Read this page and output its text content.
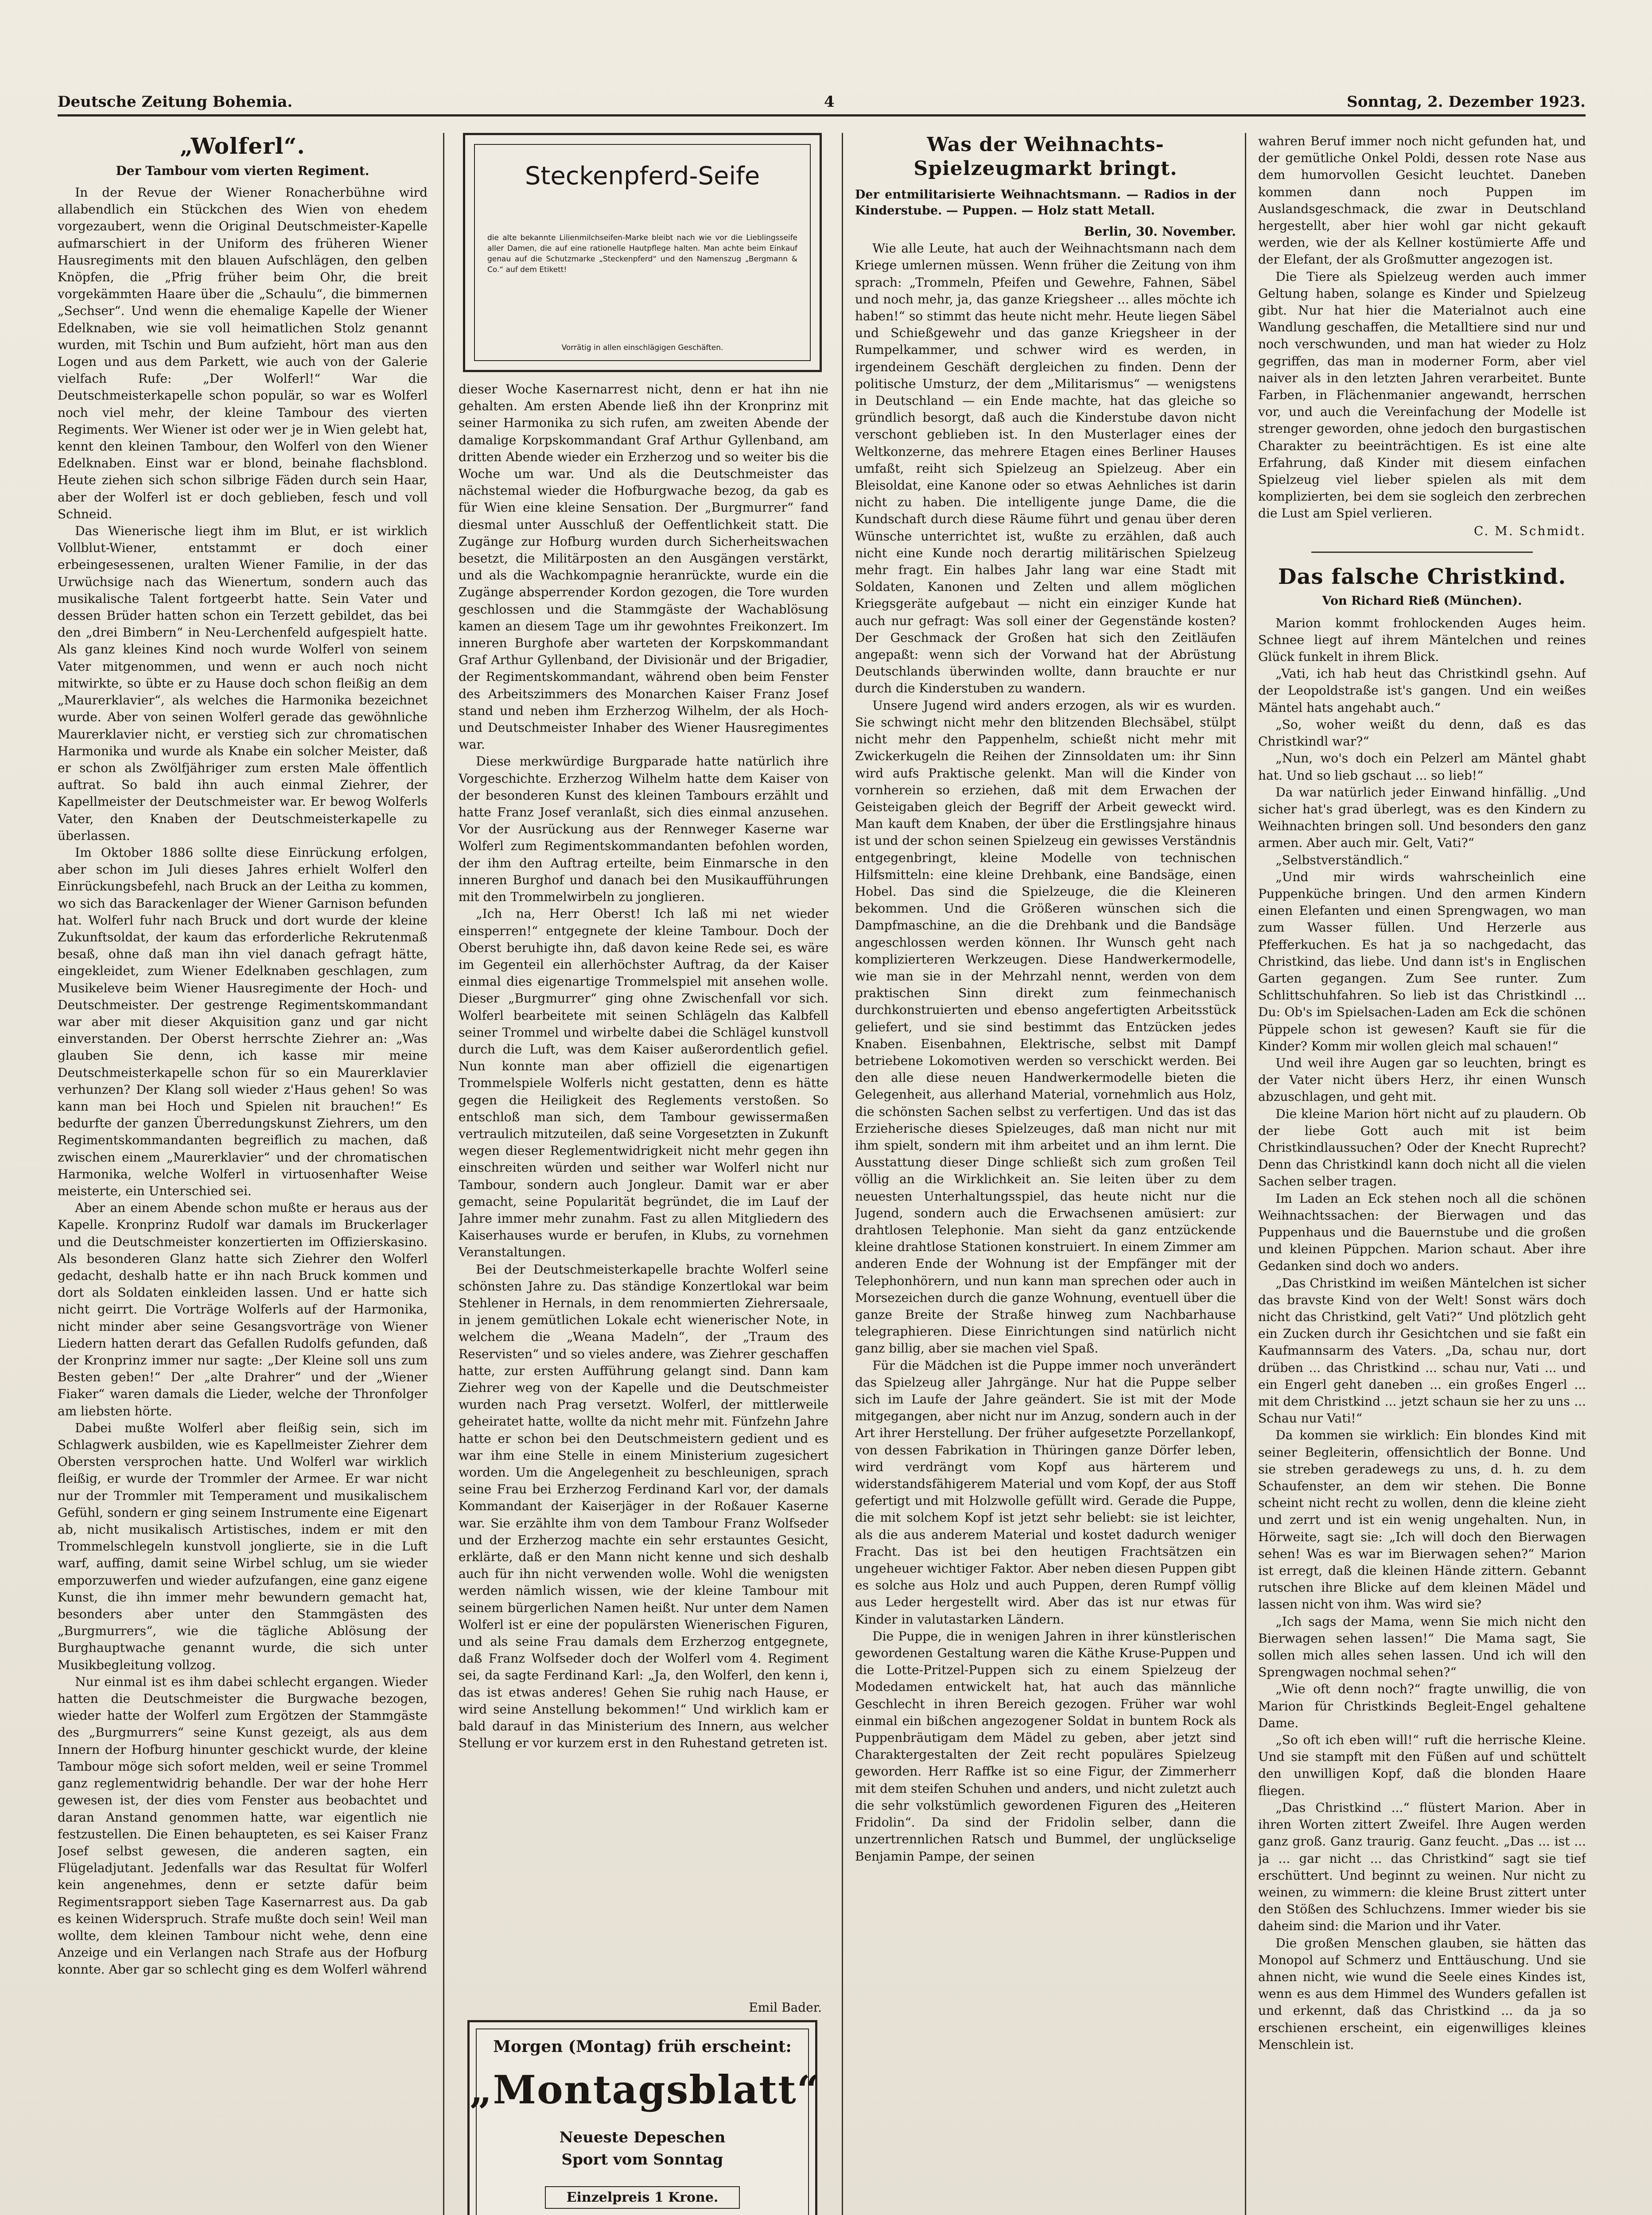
Deutsche Zeitung Bohemia.	4	Sonntag, 2. Dezember 1923.
„Wolferl“.
Der Tambour vom vierten Regiment.

In der Revue der Wiener Ronacherbühne wird allabendlich ein Stückchen des Wien von ehedem vorgezaubert, wenn die Original Deutschmeister-Kapelle aufmarschiert in der Uniform des früheren Wiener Hausregiments mit den blauen Aufschlägen, den gelben Knöpfen, die „Pfrig früher beim Ohr, die breit vorgekämmten Haare über die „Schaulu“, die bimmernen „Sechser“. Und wenn die ehemalige Kapelle der Wiener Edelknaben, wie sie voll heimatlichen Stolz genannt wurden, mit Tschin und Bum aufzieht, hört man aus den Logen und aus dem Parkett, wie auch von der Galerie vielfach Rufe: „Der Wolferl!“ War die Deutschmeisterkapelle schon populär, so war es Wolferl noch viel mehr, der kleine Tambour des vierten Regiments. Wer Wiener ist oder wer je in Wien gelebt hat, kennt den kleinen Tambour, den Wolferl von den Wiener Edelknaben. Einst war er blond, beinahe flachsblond. Heute ziehen sich schon silbrige Fäden durch sein Haar, aber der Wolferl ist er doch geblieben, fesch und voll Schneid.

Das Wienerische liegt ihm im Blut, er ist wirklich Vollblut-Wiener, entstammt er doch einer erbeingesessenen, uralten Wiener Familie, in der das Urwüchsige nach das Wienertum, sondern auch das musikalische Talent fortgeerbt hatte. Sein Vater und dessen Brüder hatten schon ein Terzett gebildet, das bei den „drei Bimbern“ in Neu-Lerchenfeld aufgespielt hatte. Als ganz kleines Kind noch wurde Wolferl von seinem Vater mitgenommen, und wenn er auch noch nicht mitwirkte, so übte er zu Hause doch schon fleißig an dem „Maurerklavier“, als welches die Harmonika bezeichnet wurde. Aber von seinen Wolferl gerade das gewöhnliche Maurerklavier nicht, er verstieg sich zur chromatischen Harmonika und wurde als Knabe ein solcher Meister, daß er schon als Zwölfjähriger zum ersten Male öffentlich auftrat. So bald ihn auch einmal Ziehrer, der Kapellmeister der Deutschmeister war. Er bewog Wolferls Vater, den Knaben der Deutschmeisterkapelle zu überlassen.

Im Oktober 1886 sollte diese Einrückung erfolgen, aber schon im Juli dieses Jahres erhielt Wolferl den Einrückungsbefehl, nach Bruck an der Leitha zu kommen, wo sich das Barackenlager der Wiener Garnison befunden hat. Wolferl fuhr nach Bruck und dort wurde der kleine Zukunftsoldat, der kaum das erforderliche Rekrutenmaß besaß, ohne daß man ihn viel danach gefragt hätte, eingekleidet, zum Wiener Edelknaben geschlagen, zum Musikeleve beim Wiener Hausregimente der Hoch- und Deutschmeister. Der gestrenge Regimentskommandant war aber mit dieser Akquisition ganz und gar nicht einverstanden. Der Oberst herrschte Ziehrer an: „Was glauben Sie denn, ich kasse mir meine Deutschmeisterkapelle schon für so ein Maurerklavier verhunzen? Der Klang soll wieder z'Haus gehen! So was kann man bei Hoch und Spielen nit brauchen!“ Es bedurfte der ganzen Überredungskunst Ziehrers, um den Regimentskommandanten begreiflich zu machen, daß zwischen einem „Maurerklavier“ und der chromatischen Harmonika, welche Wolferl in virtuosenhafter Weise meisterte, ein Unterschied sei.

Aber an einem Abende schon mußte er heraus aus der Kapelle. Kronprinz Rudolf war damals im Bruckerlager und die Deutschmeister konzertierten im Offizierskasino. Als besonderen Glanz hatte sich Ziehrer den Wolferl gedacht, deshalb hatte er ihn nach Bruck kommen und dort als Soldaten einkleiden lassen. Und er hatte sich nicht geirrt. Die Vorträge Wolferls auf der Harmonika, nicht minder aber seine Gesangsvorträge von Wiener Liedern hatten derart das Gefallen Rudolfs gefunden, daß der Kronprinz immer nur sagte: „Der Kleine soll uns zum Besten geben!“ Der „alte Drahrer“ und der „Wiener Fiaker“ waren damals die Lieder, welche der Thronfolger am liebsten hörte.

Dabei mußte Wolferl aber fleißig sein, sich im Schlagwerk ausbilden, wie es Kapellmeister Ziehrer dem Obersten versprochen hatte. Und Wolferl war wirklich fleißig, er wurde der Trommler der Armee. Er war nicht nur der Trommler mit Temperament und musikalischem Gefühl, sondern er ging seinem Instrumente eine Eigenart ab, nicht musikalisch Artistisches, indem er mit den Trommelschlegeln kunstvoll jonglierte, sie in die Luft warf, auffing, damit seine Wirbel schlug, um sie wieder emporzuwerfen und wieder aufzufangen, eine ganz eigene Kunst, die ihn immer mehr bewundern gemacht hat, besonders aber unter den Stammgästen des „Burgmurrers“, wie die tägliche Ablösung der Burghauptwache genannt wurde, die sich unter Musikbegleitung vollzog.

Nur einmal ist es ihm dabei schlecht ergangen. Wieder hatten die Deutschmeister die Burgwache bezogen, wieder hatte der Wolferl zum Ergötzen der Stammgäste des „Burgmurrers“ seine Kunst gezeigt, als aus dem Innern der Hofburg hinunter geschickt wurde, der kleine Tambour möge sich sofort melden, weil er seine Trommel ganz reglementwidrig behandle. Der war der hohe Herr gewesen ist, der dies vom Fenster aus beobachtet und daran Anstand genommen hatte, war eigentlich nie festzustellen. Die Einen behaupteten, es sei Kaiser Franz Josef selbst gewesen, die anderen sagten, ein Flügeladjutant. Jedenfalls war das Resultat für Wolferl kein angenehmes, denn er setzte dafür beim Regimentsrapport sieben Tage Kasernarrest aus. Da gab es keinen Widerspruch. Strafe mußte doch sein! Weil man wollte, dem kleinen Tambour nicht wehe, denn eine Anzeige und ein Verlangen nach Strafe aus der Hofburg konnte. Aber gar so schlecht ging es dem Wolferl während

Steckenpferd-Seife
die alte bekannte Lilienmilchseifen-Marke bleibt nach wie vor die Lieblingsseife aller Damen, die auf eine rationelle Hautpflege halten. Man achte beim Einkauf genau auf die Schutzmarke „Steckenpferd“ und den Namenszug „Bergmann & Co.“ auf dem Etikett!
Vorrätig in allen einschlägigen Geschäften.

dieser Woche Kasernarrest nicht, denn er hat ihn nie gehalten. Am ersten Abende ließ ihn der Kronprinz mit seiner Harmonika zu sich rufen, am zweiten Abende der damalige Korpskommandant Graf Arthur Gyllenband, am dritten Abende wieder ein Erzherzog und so weiter bis die Woche um war. Und als die Deutschmeister das nächstemal wieder die Hofburgwache bezog, da gab es für Wien eine kleine Sensation. Der „Burgmurrer“ fand diesmal unter Ausschluß der Oeffentlichkeit statt. Die Zugänge zur Hofburg wurden durch Sicherheitswachen besetzt, die Militärposten an den Ausgängen verstärkt, und als die Wachkompagnie heranrückte, wurde ein die Zugänge absperrender Kordon gezogen, die Tore wurden geschlossen und die Stammgäste der Wachablösung kamen an diesem Tage um ihr gewohntes Freikonzert. Im inneren Burghofe aber warteten der Korpskommandant Graf Arthur Gyllenband, der Divisionär und der Brigadier, der Regimentskommandant, während oben beim Fenster des Arbeitszimmers des Monarchen Kaiser Franz Josef stand und neben ihm Erzherzog Wilhelm, der als Hoch- und Deutschmeister Inhaber des Wiener Hausregimentes war.

Diese merkwürdige Burgparade hatte natürlich ihre Vorgeschichte. Erzherzog Wilhelm hatte dem Kaiser von der besonderen Kunst des kleinen Tambours erzählt und hatte Franz Josef veranlaßt, sich dies einmal anzusehen. Vor der Ausrückung aus der Rennweger Kaserne war Wolferl zum Regimentskommandanten befohlen worden, der ihm den Auftrag erteilte, beim Einmarsche in den inneren Burghof und danach bei den Musikaufführungen mit den Trommelwirbeln zu jonglieren.

„Ich na, Herr Oberst! Ich laß mi net wieder einsperren!“ entgegnete der kleine Tambour. Doch der Oberst beruhigte ihn, daß davon keine Rede sei, es wäre im Gegenteil ein allerhöchster Auftrag, da der Kaiser einmal dies eigenartige Trommelspiel mit ansehen wolle. Dieser „Burgmurrer“ ging ohne Zwischenfall vor sich. Wolferl bearbeitete mit seinen Schlägeln das Kalbfell seiner Trommel und wirbelte dabei die Schlägel kunstvoll durch die Luft, was dem Kaiser außerordentlich gefiel. Nun konnte man aber offiziell die eigenartigen Trommelspiele Wolferls nicht gestatten, denn es hätte gegen die Heiligkeit des Reglements verstoßen. So entschloß man sich, dem Tambour gewissermaßen vertraulich mitzuteilen, daß seine Vorgesetzten in Zukunft wegen dieser Reglementwidrigkeit nicht mehr gegen ihn einschreiten würden und seither war Wolferl nicht nur Tambour, sondern auch Jongleur. Damit war er aber gemacht, seine Popularität begründet, die im Lauf der Jahre immer mehr zunahm. Fast zu allen Mitgliedern des Kaiserhauses wurde er berufen, in Klubs, zu vornehmen Veranstaltungen.

Bei der Deutschmeisterkapelle brachte Wolferl seine schönsten Jahre zu. Das ständige Konzertlokal war beim Stehlener in Hernals, in dem renommierten Ziehrersaale, in jenem gemütlichen Lokale echt wienerischer Note, in welchem die „Weana Madeln“, der „Traum des Reservisten“ und so vieles andere, was Ziehrer geschaffen hatte, zur ersten Aufführung gelangt sind. Dann kam Ziehrer weg von der Kapelle und die Deutschmeister wurden nach Prag versetzt. Wolferl, der mittlerweile geheiratet hatte, wollte da nicht mehr mit. Fünfzehn Jahre hatte er schon bei den Deutschmeistern gedient und es war ihm eine Stelle in einem Ministerium zugesichert worden. Um die Angelegenheit zu beschleunigen, sprach seine Frau bei Erzherzog Ferdinand Karl vor, der damals Kommandant der Kaiserjäger in der Roßauer Kaserne war. Sie erzählte ihm von dem Tambour Franz Wolfseder und der Erzherzog machte ein sehr erstauntes Gesicht, erklärte, daß er den Mann nicht kenne und sich deshalb auch für ihn nicht verwenden wolle. Wohl die wenigsten werden nämlich wissen, wie der kleine Tambour mit seinem bürgerlichen Namen heißt. Nur unter dem Namen Wolferl ist er eine der populärsten Wienerischen Figuren, und als seine Frau damals dem Erzherzog entgegnete, daß Franz Wolfseder doch der Wolferl vom 4. Regiment sei, da sagte Ferdinand Karl: „Ja, den Wolferl, den kenn i, das ist etwas anderes! Gehen Sie ruhig nach Hause, er wird seine Anstellung bekommen!“ Und wirklich kam er bald darauf in das Ministerium des Innern, aus welcher Stellung er vor kurzem erst in den Ruhestand getreten ist.

Emil Bader.
Morgen (Montag) früh erscheint:
„Montagsblatt“
Neueste Depeschen
Sport vom Sonntag
Einzelpreis 1 Krone.
Was der Weihnachts-Spielzeugmarkt bringt.
Der entmilitarisierte Weihnachtsmann. — Radios in der Kinderstube. — Puppen. — Holz statt Metall.

Berlin, 30. November.

Wie alle Leute, hat auch der Weihnachtsmann nach dem Kriege umlernen müssen. Wenn früher die Zeitung von ihm sprach: „Trommeln, Pfeifen und Gewehre, Fahnen, Säbel und noch mehr, ja, das ganze Kriegsheer ... alles möchte ich haben!“ so stimmt das heute nicht mehr. Heute liegen Säbel und Schießgewehr und das ganze Kriegsheer in der Rumpelkammer, und schwer wird es werden, in irgendeinem Geschäft dergleichen zu finden. Denn der politische Umsturz, der dem „Militarismus“ — wenigstens in Deutschland — ein Ende machte, hat das gleiche so gründlich besorgt, daß auch die Kinderstube davon nicht verschont geblieben ist. In den Musterlager eines der Weltkonzerne, das mehrere Etagen eines Berliner Hauses umfaßt, reiht sich Spielzeug an Spielzeug. Aber ein Bleisoldat, eine Kanone oder so etwas Aehnliches ist darin nicht zu haben. Die intelligente junge Dame, die die Kundschaft durch diese Räume führt und genau über deren Wünsche unterrichtet ist, wußte zu erzählen, daß auch nicht eine Kunde noch derartig militärischen Spielzeug mehr fragt. Ein halbes Jahr lang war eine Stadt mit Soldaten, Kanonen und Zelten und allem möglichen Kriegsgeräte aufgebaut — nicht ein einziger Kunde hat auch nur gefragt: Was soll einer der Gegenstände kosten? Der Geschmack der Großen hat sich den Zeitläufen angepaßt: wenn sich der Vorwand hat der Abrüstung Deutschlands überwinden wollte, dann brauchte er nur durch die Kinderstuben zu wandern.

Unsere Jugend wird anders erzogen, als wir es wurden. Sie schwingt nicht mehr den blitzenden Blechsäbel, stülpt nicht mehr den Pappenhelm, schießt nicht mehr mit Zwickerkugeln die Reihen der Zinnsoldaten um: ihr Sinn wird aufs Praktische gelenkt. Man will die Kinder von vornherein so erziehen, daß mit dem Erwachen der Geisteigaben gleich der Begriff der Arbeit geweckt wird. Man kauft dem Knaben, der über die Erstlingsjahre hinaus ist und der schon seinen Spielzeug ein gewisses Verständnis entgegenbringt, kleine Modelle von technischen Hilfsmitteln: eine kleine Drehbank, eine Bandsäge, einen Hobel. Das sind die Spielzeuge, die die Kleineren bekommen. Und die Größeren wünschen sich die Dampfmaschine, an die die Drehbank und die Bandsäge angeschlossen werden können. Ihr Wunsch geht nach komplizierteren Werkzeugen. Diese Handwerkermodelle, wie man sie in der Mehrzahl nennt, werden von dem praktischen Sinn direkt zum feinmechanisch durchkonstruierten und ebenso angefertigten Arbeitsstück geliefert, und sie sind bestimmt das Entzücken jedes Knaben. Eisenbahnen, Elektrische, selbst mit Dampf betriebene Lokomotiven werden so verschickt werden. Bei den alle diese neuen Handwerkermodelle bieten die Gelegenheit, aus allerhand Material, vornehmlich aus Holz, die schönsten Sachen selbst zu verfertigen. Und das ist das Erzieherische dieses Spielzeuges, daß man nicht nur mit ihm spielt, sondern mit ihm arbeitet und an ihm lernt. Die Ausstattung dieser Dinge schließt sich zum großen Teil völlig an die Wirklichkeit an. Sie leiten über zu dem neuesten Unterhaltungsspiel, das heute nicht nur die Jugend, sondern auch die Erwachsenen amüsiert: zur drahtlosen Telephonie. Man sieht da ganz entzückende kleine drahtlose Stationen konstruiert. In einem Zimmer am anderen Ende der Wohnung ist der Empfänger mit der Telephonhörern, und nun kann man sprechen oder auch in Morsezeichen durch die ganze Wohnung, eventuell über die ganze Breite der Straße hinweg zum Nachbarhause telegraphieren. Diese Einrichtungen sind natürlich nicht ganz billig, aber sie machen viel Spaß.

Für die Mädchen ist die Puppe immer noch unverändert das Spielzeug aller Jahrgänge. Nur hat die Puppe selber sich im Laufe der Jahre geändert. Sie ist mit der Mode mitgegangen, aber nicht nur im Anzug, sondern auch in der Art ihrer Herstellung. Der früher aufgesetzte Porzellankopf, von dessen Fabrikation in Thüringen ganze Dörfer leben, wird verdrängt vom Kopf aus härterem und widerstandsfähigerem Material und vom Kopf, der aus Stoff gefertigt und mit Holzwolle gefüllt wird. Gerade die Puppe, die mit solchem Kopf ist jetzt sehr beliebt: sie ist leichter, als die aus anderem Material und kostet dadurch weniger Fracht. Das ist bei den heutigen Frachtsätzen ein ungeheuer wichtiger Faktor. Aber neben diesen Puppen gibt es solche aus Holz und auch Puppen, deren Rumpf völlig aus Leder hergestellt wird. Aber das ist nur etwas für Kinder in valutastarken Ländern.

Die Puppe, die in wenigen Jahren in ihrer künstlerischen gewordenen Gestaltung waren die Käthe Kruse-Puppen und die Lotte-Pritzel-Puppen sich zu einem Spielzeug der Modedamen entwickelt hat, hat auch das männliche Geschlecht in ihren Bereich gezogen. Früher war wohl einmal ein bißchen angezogener Soldat in buntem Rock als Puppenbräutigam dem Mädel zu geben, aber jetzt sind Charaktergestalten der Zeit recht populäres Spielzeug geworden. Herr Raffke ist so eine Figur, der Zimmerherr mit dem steifen Schuhen und anders, und nicht zuletzt auch die sehr volkstümlich gewordenen Figuren des „Heiteren Fridolin“. Da sind der Fridolin selber, dann die unzertrennlichen Ratsch und Bummel, der unglückselige Benjamin Pampe, der seinen

wahren Beruf immer noch nicht gefunden hat, und der gemütliche Onkel Poldi, dessen rote Nase aus dem humorvollen Gesicht leuchtet. Daneben kommen dann noch Puppen im Auslandsgeschmack, die zwar in Deutschland hergestellt, aber hier wohl gar nicht gekauft werden, wie der als Kellner kostümierte Affe und der Elefant, der als Großmutter angezogen ist.

Die Tiere als Spielzeug werden auch immer Geltung haben, solange es Kinder und Spielzeug gibt. Nur hat hier die Materialnot auch eine Wandlung geschaffen, die Metalltiere sind nur und noch verschwunden, und man hat wieder zu Holz gegriffen, das man in moderner Form, aber viel naiver als in den letzten Jahren verarbeitet. Bunte Farben, in Flächenmanier angewandt, herrschen vor, und auch die Vereinfachung der Modelle ist strenger geworden, ohne jedoch den burgastischen Charakter zu beeinträchtigen. Es ist eine alte Erfahrung, daß Kinder mit diesem einfachen Spielzeug viel lieber spielen als mit dem komplizierten, bei dem sie sogleich den zerbrechen die Lust am Spiel verlieren.

C. M. Schmidt.
Das falsche Christkind.
Von Richard Rieß (München).

Marion kommt frohlockenden Auges heim. Schnee liegt auf ihrem Mäntelchen und reines Glück funkelt in ihrem Blick.

„Vati, ich hab heut das Christkindl gsehn. Auf der Leopoldstraße ist's gangen. Und ein weißes Mäntel hats angehabt auch.“

„So, woher weißt du denn, daß es das Christkindl war?“

„Nun, wo's doch ein Pelzerl am Mäntel ghabt hat. Und so lieb gschaut ... so lieb!“

Da war natürlich jeder Einwand hinfällig. „Und sicher hat's grad überlegt, was es den Kindern zu Weihnachten bringen soll. Und besonders den ganz armen. Aber auch mir. Gelt, Vati?“

„Selbstverständlich.“

„Und mir wirds wahrscheinlich eine Puppenküche bringen. Und den armen Kindern einen Elefanten und einen Sprengwagen, wo man zum Wasser füllen. Und Herzerle aus Pfefferkuchen. Es hat ja so nachgedacht, das Christkind, das liebe. Und dann ist's in Englischen Garten gegangen. Zum See runter. Zum Schlittschuhfahren. So lieb ist das Christkindl ... Du: Ob's im Spielsachen-Laden am Eck die schönen Püppele schon ist gewesen? Kauft sie für die Kinder? Komm mir wollen gleich mal schauen!“

Und weil ihre Augen gar so leuchten, bringt es der Vater nicht übers Herz, ihr einen Wunsch abzuschlagen, und geht mit.

Die kleine Marion hört nicht auf zu plaudern. Ob der liebe Gott auch mit ist beim Christkindlaussuchen? Oder der Knecht Ruprecht? Denn das Christkindl kann doch nicht all die vielen Sachen selber tragen.

Im Laden an Eck stehen noch all die schönen Weihnachtssachen: der Bierwagen und das Puppenhaus und die Bauernstube und die großen und kleinen Püppchen. Marion schaut. Aber ihre Gedanken sind doch wo anders.

„Das Christkind im weißen Mäntelchen ist sicher das bravste Kind von der Welt! Sonst wärs doch nicht das Christkind, gelt Vati?“ Und plötzlich geht ein Zucken durch ihr Gesichtchen und sie faßt ein Kaufmannsarm des Vaters. „Da, schau nur, dort drüben ... das Christkind ... schau nur, Vati ... und ein Engerl geht daneben ... ein großes Engerl ... mit dem Christkind ... jetzt schaun sie her zu uns ... Schau nur Vati!“

Da kommen sie wirklich: Ein blondes Kind mit seiner Begleiterin, offensichtlich der Bonne. Und sie streben geradewegs zu uns, d. h. zu dem Schaufenster, an dem wir stehen. Die Bonne scheint nicht recht zu wollen, denn die kleine zieht und zerrt und ist ein wenig ungehalten. Nun, in Hörweite, sagt sie: „Ich will doch den Bierwagen sehen! Was es war im Bierwagen sehen?“ Marion ist erregt, daß die kleinen Hände zittern. Gebannt rutschen ihre Blicke auf dem kleinen Mädel und lassen nicht von ihm. Was wird sie?

„Ich sags der Mama, wenn Sie mich nicht den Bierwagen sehen lassen!“ Die Mama sagt, Sie sollen mich alles sehen lassen. Und ich will den Sprengwagen nochmal sehen?“

„Wie oft denn noch?“ fragte unwillig, die von Marion für Christkinds Begleit-Engel gehaltene Dame.

„So oft ich eben will!“ ruft die herrische Kleine. Und sie stampft mit den Füßen auf und schüttelt den unwilligen Kopf, daß die blonden Haare fliegen.

„Das Christkind ...“ flüstert Marion. Aber in ihren Worten zittert Zweifel. Ihre Augen werden ganz groß. Ganz traurig. Ganz feucht. „Das ... ist ... ja ... gar nicht ... das Christkind“ sagt sie tief erschüttert. Und beginnt zu weinen. Nur nicht zu weinen, zu wimmern: die kleine Brust zittert unter den Stößen des Schluchzens. Immer wieder bis sie daheim sind: die Marion und ihr Vater.

Die großen Menschen glauben, sie hätten das Monopol auf Schmerz und Enttäuschung. Und sie ahnen nicht, wie wund die Seele eines Kindes ist, wenn es aus dem Himmel des Wunders gefallen ist und erkennt, daß das Christkind ... da ja so erschienen erscheint, ein eigenwilliges kleines Menschlein ist.
